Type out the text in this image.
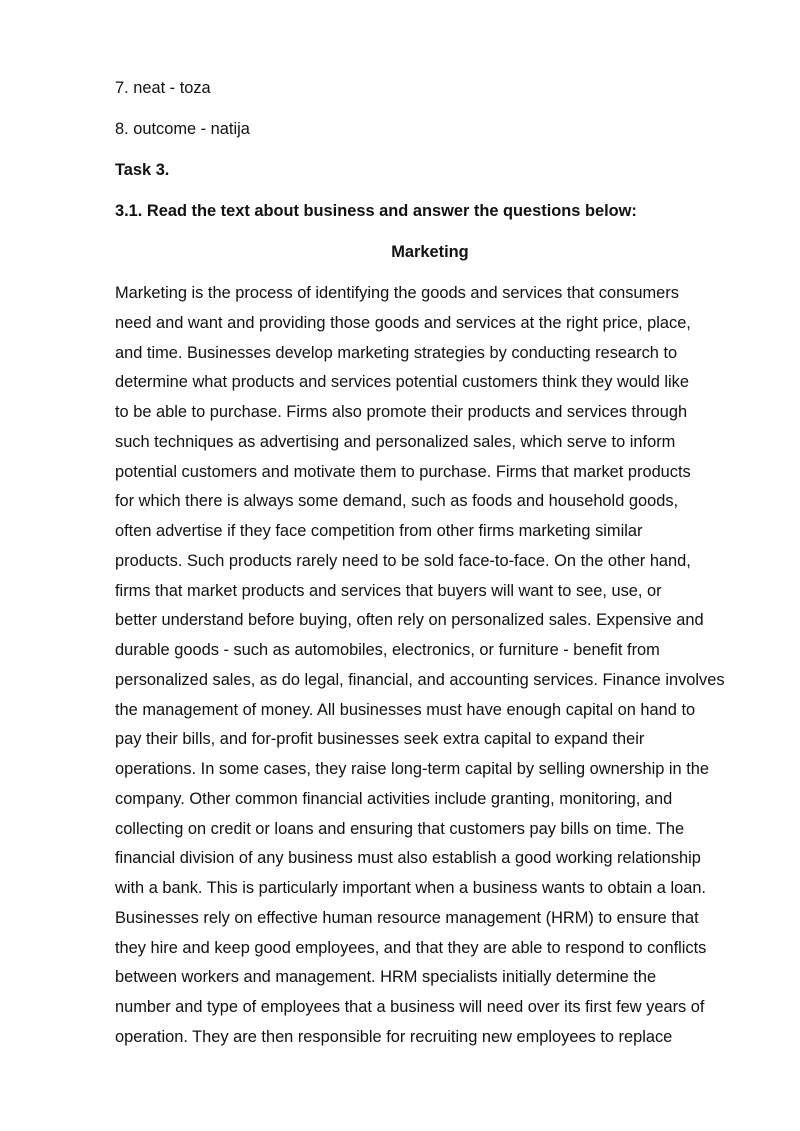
7. neat - toza

8. outcome - natija

Task 3.

3.1. Read the text about business and answer the questions below:

Marketing

Marketing is the process of identifying the goods and services that consumers
need and want and providing those goods and services at the right price, place,
and time. Businesses develop marketing strategies by conducting research to
determine what products and services potential customers think they would like
to be able to purchase. Firms also promote their products and services through
such techniques as advertising and personalized sales, which serve to inform
potential customers and motivate them to purchase. Firms that market products
for which there is always some demand, such as foods and household goods,
often advertise if they face competition from other firms marketing similar
products. Such products rarely need to be sold face-to-face. On the other hand,
firms that market products and services that buyers will want to see, use, or
better understand before buying, often rely on personalized sales. Expensive and
durable goods - such as automobiles, electronics, or furniture - benefit from
personalized sales, as do legal, financial, and accounting services. Finance involves
the management of money. All businesses must have enough capital on hand to
pay their bills, and for-profit businesses seek extra capital to expand their
operations. In some cases, they raise long-term capital by selling ownership in the
company. Other common financial activities include granting, monitoring, and
collecting on credit or loans and ensuring that customers pay bills on time. The
financial division of any business must also establish a good working relationship
with a bank. This is particularly important when a business wants to obtain a loan.
Businesses rely on effective human resource management (HRM) to ensure that
they hire and keep good employees, and that they are able to respond to conflicts
between workers and management. HRM specialists initially determine the
number and type of employees that a business will need over its first few years of
operation. They are then responsible for recruiting new employees to replace
